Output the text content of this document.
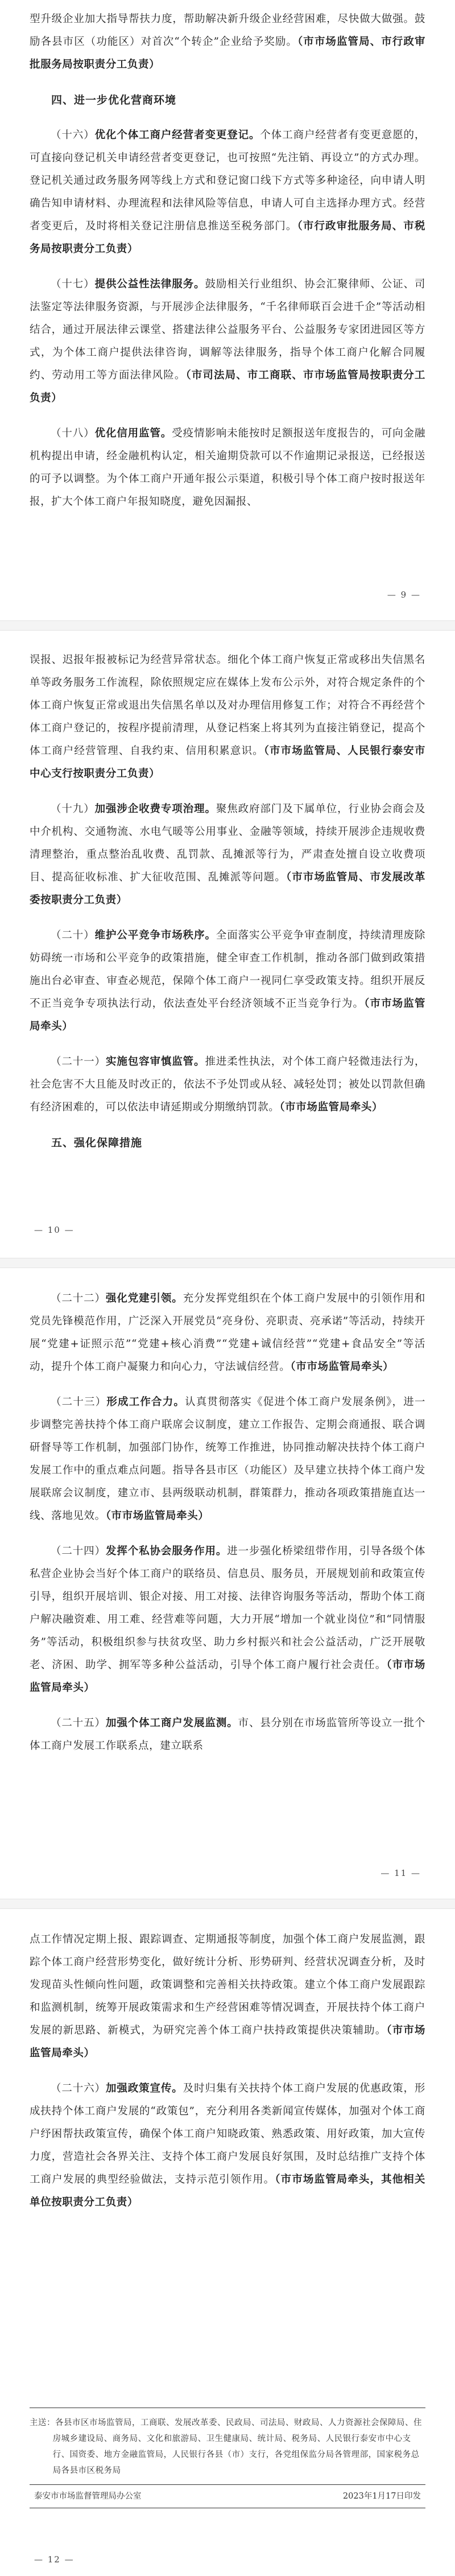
型升级企业加大指导帮扶力度，帮助解决新升级企业经营困难，尽快做大做强。鼓励各县市区（功能区）对首次“个转企”企业给予奖励。（市市场监管局、市行政审批服务局按职责分工负责）

四、进一步优化营商环境

（十六）优化个体工商户经营者变更登记。个体工商户经营者有变更意愿的，可直接向登记机关申请经营者变更登记，也可按照“先注销、再设立”的方式办理。登记机关通过政务服务网等线上方式和登记窗口线下方式等多种途径，向申请人明确告知申请材料、办理流程和法律风险等信息，申请人可自主选择办理方式。经营者变更后，及时将相关登记注册信息推送至税务部门。（市行政审批服务局、市税务局按职责分工负责）

（十七）提供公益性法律服务。鼓励相关行业组织、协会汇聚律师、公证、司法鉴定等法律服务资源，与开展涉企法律服务，“千名律师联百会进千企”等活动相结合，通过开展法律云课堂、搭建法律公益服务平台、公益服务专家团进园区等方式，为个体工商户提供法律咨询，调解等法律服务，指导个体工商户化解合同履约、劳动用工等方面法律风险。（市司法局、市工商联、市市场监管局按职责分工负责）

（十八）优化信用监管。受疫情影响未能按时足额报送年度报告的，可向金融机构提出申请，经金融机构认定，相关逾期贷款可以不作逾期记录报送，已经报送的可予以调整。为个体工商户开通年报公示渠道，积极引导个体工商户按时报送年报，扩大个体工商户年报知晓度，避免因漏报、

— 9 —

误报、迟报年报被标记为经营异常状态。细化个体工商户恢复正常或移出失信黑名单等政务服务工作流程，除依照规定应在媒体上发布公示外，对符合规定条件的个体工商户恢复正常或退出失信黑名单以及对办理信用修复工作；对符合不再经营个体工商户登记的，按程序提前清理，从登记档案上将其列为直接注销登记，提高个体工商户经营管理、自我约束、信用积累意识。（市市场监管局、人民银行泰安市中心支行按职责分工负责）

（十九）加强涉企收费专项治理。聚焦政府部门及下属单位，行业协会商会及中介机构、交通物流、水电气暖等公用事业、金融等领域，持续开展涉企违规收费清理整治，重点整治乱收费、乱罚款、乱摊派等行为，严肃查处擅自设立收费项目、提高征收标准、扩大征收范围、乱摊派等问题。（市市场监管局、市发展改革委按职责分工负责）

（二十）维护公平竞争市场秩序。全面落实公平竞争审查制度，持续清理废除妨碍统一市场和公平竞争的政策措施，健全审查工作机制，推动各部门做到政策措施出台必审查、审查必规范，保障个体工商户一视同仁享受政策支持。组织开展反不正当竞争专项执法行动，依法查处平台经济领域不正当竞争行为。（市市场监管局牵头）

（二十一）实施包容审慎监管。推进柔性执法，对个体工商户轻微违法行为，社会危害不大且能及时改正的，依法不予处罚或从轻、减轻处罚；被处以罚款但确有经济困难的，可以依法申请延期或分期缴纳罚款。（市市场监管局牵头）

五、强化保障措施
— 10 —

（二十二）强化党建引领。充分发挥党组织在个体工商户发展中的引领作用和党员先锋模范作用，广泛深入开展党员“亮身份、亮职责、亮承诺”等活动，持续开展“党建+证照示范”“党建+核心消费”“党建+诚信经营”“党建+食品安全”等活动，提升个体工商户凝聚力和向心力，守法诚信经营。（市市场监管局牵头）

（二十三）形成工作合力。认真贯彻落实《促进个体工商户发展条例》，进一步调整完善扶持个体工商户联席会议制度，建立工作报告、定期会商通报、联合调研督导等工作机制，加强部门协作，统筹工作推进，协同推动解决扶持个体工商户发展工作中的重点难点问题。指导各县市区（功能区）及早建立扶持个体工商户发展联席会议制度，建立市、县两级联动机制，群策群力，推动各项政策措施直达一线、落地见效。（市市场监管局牵头）

（二十四）发挥个私协会服务作用。进一步强化桥梁纽带作用，引导各级个体私营企业协会当好个体工商户的联络员、信息员、服务员，开展规划前和政策宣传引导，组织开展培训、银企对接、用工对接、法律咨询服务等活动，帮助个体工商户解决融资难、用工难、经营难等问题，大力开展“增加一个就业岗位”和“同情服务”等活动，积极组织参与扶贫攻坚、助力乡村振兴和社会公益活动，广泛开展敬老、济困、助学、拥军等多种公益活动，引导个体工商户履行社会责任。（市市场监管局牵头）

（二十五）加强个体工商户发展监测。市、县分别在市场监管所等设立一批个体工商户发展工作联系点，建立联系

— 11 —

点工作情况定期上报、跟踪调查、定期通报等制度，加强个体工商户发展监测，跟踪个体工商户经营形势变化，做好统计分析、形势研判、经营状况调查分析，及时发现苗头性倾向性问题，政策调整和完善相关扶持政策。建立个体工商户发展跟踪和监测机制，统筹开展政策需求和生产经营困难等情况调查，开展扶持个体工商户发展的新思路、新模式，为研究完善个体工商户扶持政策提供决策辅助。（市市场监管局牵头）

（二十六）加强政策宣传。及时归集有关扶持个体工商户发展的优惠政策，形成扶持个体工商户发展的“政策包”，充分利用各类新闻宣传媒体，加强对个体工商户纾困帮扶政策宣传，确保个体工商户知晓政策、熟悉政策、用好政策，加大宣传力度，营造社会各界关注、支持个体工商户发展良好氛围，及时总结推广支持个体工商户发展的典型经验做法，支持示范引领作用。（市市场监管局牵头，其他相关单位按职责分工负责）

主送：各县市区市场监管局，工商联、发展改革委、民政局、司法局、财政局、人力资源社会保障局、住房城乡建设局、商务局、文化和旅游局、卫生健康局、统计局、税务局、人民银行泰安市中心支行、国资委、地方金融监管局，人民银行各县（市）支行，各党组保监分局各管理部，国家税务总局各县市区税务局
泰安市市场监督管理局办公室	2023年1月17日印发
— 12 —
